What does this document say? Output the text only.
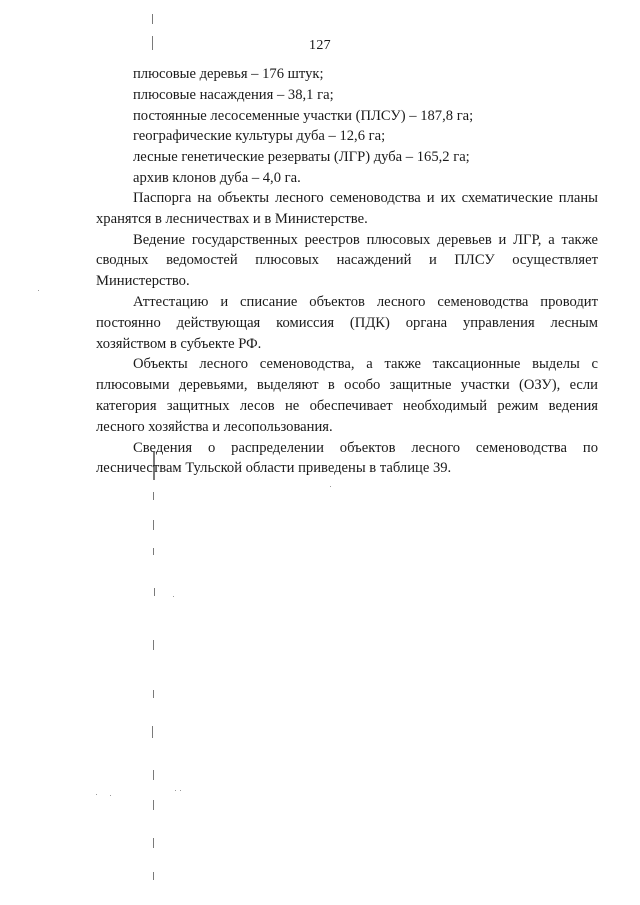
127
плюсовые деревья – 176 штук;
плюсовые насаждения – 38,1 га;
постоянные лесосеменные участки (ПЛСУ) – 187,8 га;
географические культуры дуба – 12,6 га;
лесные генетические резерваты (ЛГР) дуба – 165,2 га;
архив клонов дуба – 4,0 га.

Паспорга на объекты лесного семеноводства и их схематические планы хранятся в лесничествах и в Министерстве.

Ведение государственных реестров плюсовых деревьев и ЛГР, а также сводных ведомостей плюсовых насаждений и ПЛСУ осуществляет Министерство.

Аттестацию и списание объектов лесного семеноводства проводит постоянно действующая комиссия (ПДК) органа управления лесным хозяйством в субъекте РФ.

Объекты лесного семеноводства, а также таксационные выделы с плюсовыми деревьями, выделяют в особо защитные участки (ОЗУ), если категория защитных лесов не обеспечивает необходимый режим ведения лесного хозяйства и лесопользования.

Сведения о распределении объектов лесного семеноводства по лесничествам Тульской области приведены в таблице 39.
